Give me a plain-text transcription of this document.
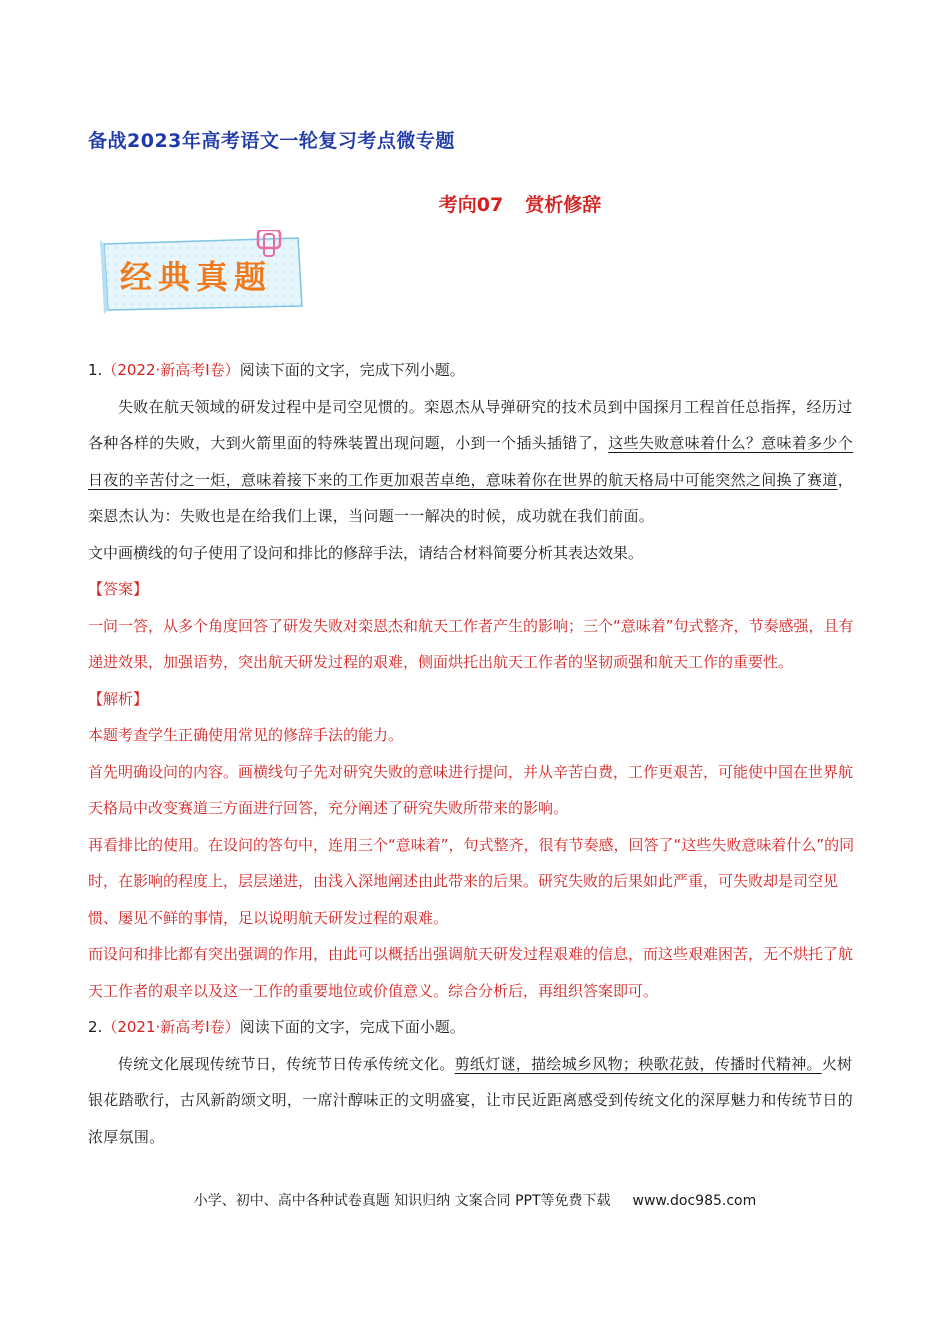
备战2023年高考语文一轮复习考点微专题
考向07 赏析修辞
经典真题

1.（2022·新高考I卷）阅读下面的文字，完成下列小题。

失败在航天领域的研发过程中是司空见惯的。栾恩杰从导弹研究的技术员到中国探月工程首任总指挥，经历过各种各样的失败，大到火箭里面的特殊装置出现问题，小到一个插头插错了，这些失败意味着什么？意味着多少个日夜的辛苦付之一炬，意味着接下来的工作更加艰苦卓绝，意味着你在世界的航天格局中可能突然之间换了赛道，栾恩杰认为：失败也是在给我们上课，当问题一一解决的时候，成功就在我们前面。

文中画横线的句子使用了设问和排比的修辞手法，请结合材料简要分析其表达效果。

【答案】

一问一答，从多个角度回答了研发失败对栾恩杰和航天工作者产生的影响；三个“意味着”句式整齐，节奏感强，且有递进效果，加强语势，突出航天研发过程的艰难，侧面烘托出航天工作者的坚韧顽强和航天工作的重要性。

【解析】

本题考查学生正确使用常见的修辞手法的能力。

首先明确设问的内容。画横线句子先对研究失败的意味进行提问，并从辛苦白费，工作更艰苦，可能使中国在世界航天格局中改变赛道三方面进行回答，充分阐述了研究失败所带来的影响。

再看排比的使用。在设问的答句中，连用三个“意味着”，句式整齐，很有节奏感，回答了“这些失败意味着什么”的同时，在影响的程度上，层层递进，由浅入深地阐述由此带来的后果。研究失败的后果如此严重，可失败却是司空见惯、屡见不鲜的事情，足以说明航天研发过程的艰难。

而设问和排比都有突出强调的作用，由此可以概括出强调航天研发过程艰难的信息，而这些艰难困苦，无不烘托了航天工作者的艰辛以及这一工作的重要地位或价值意义。综合分析后，再组织答案即可。

2.（2021·新高考I卷）阅读下面的文字，完成下面小题。

传统文化展现传统节日，传统节日传承传统文化。剪纸灯谜，描绘城乡风物；秧歌花鼓，传播时代精神。火树银花踏歌行，古风新韵颂文明，一席汁醇味正的文明盛宴，让市民近距离感受到传统文化的深厚魅力和传统节日的浓厚氛围。

小学、初中、高中各种试卷真题 知识归纳 文案合同 PPT等免费下载 www.doc985.com
